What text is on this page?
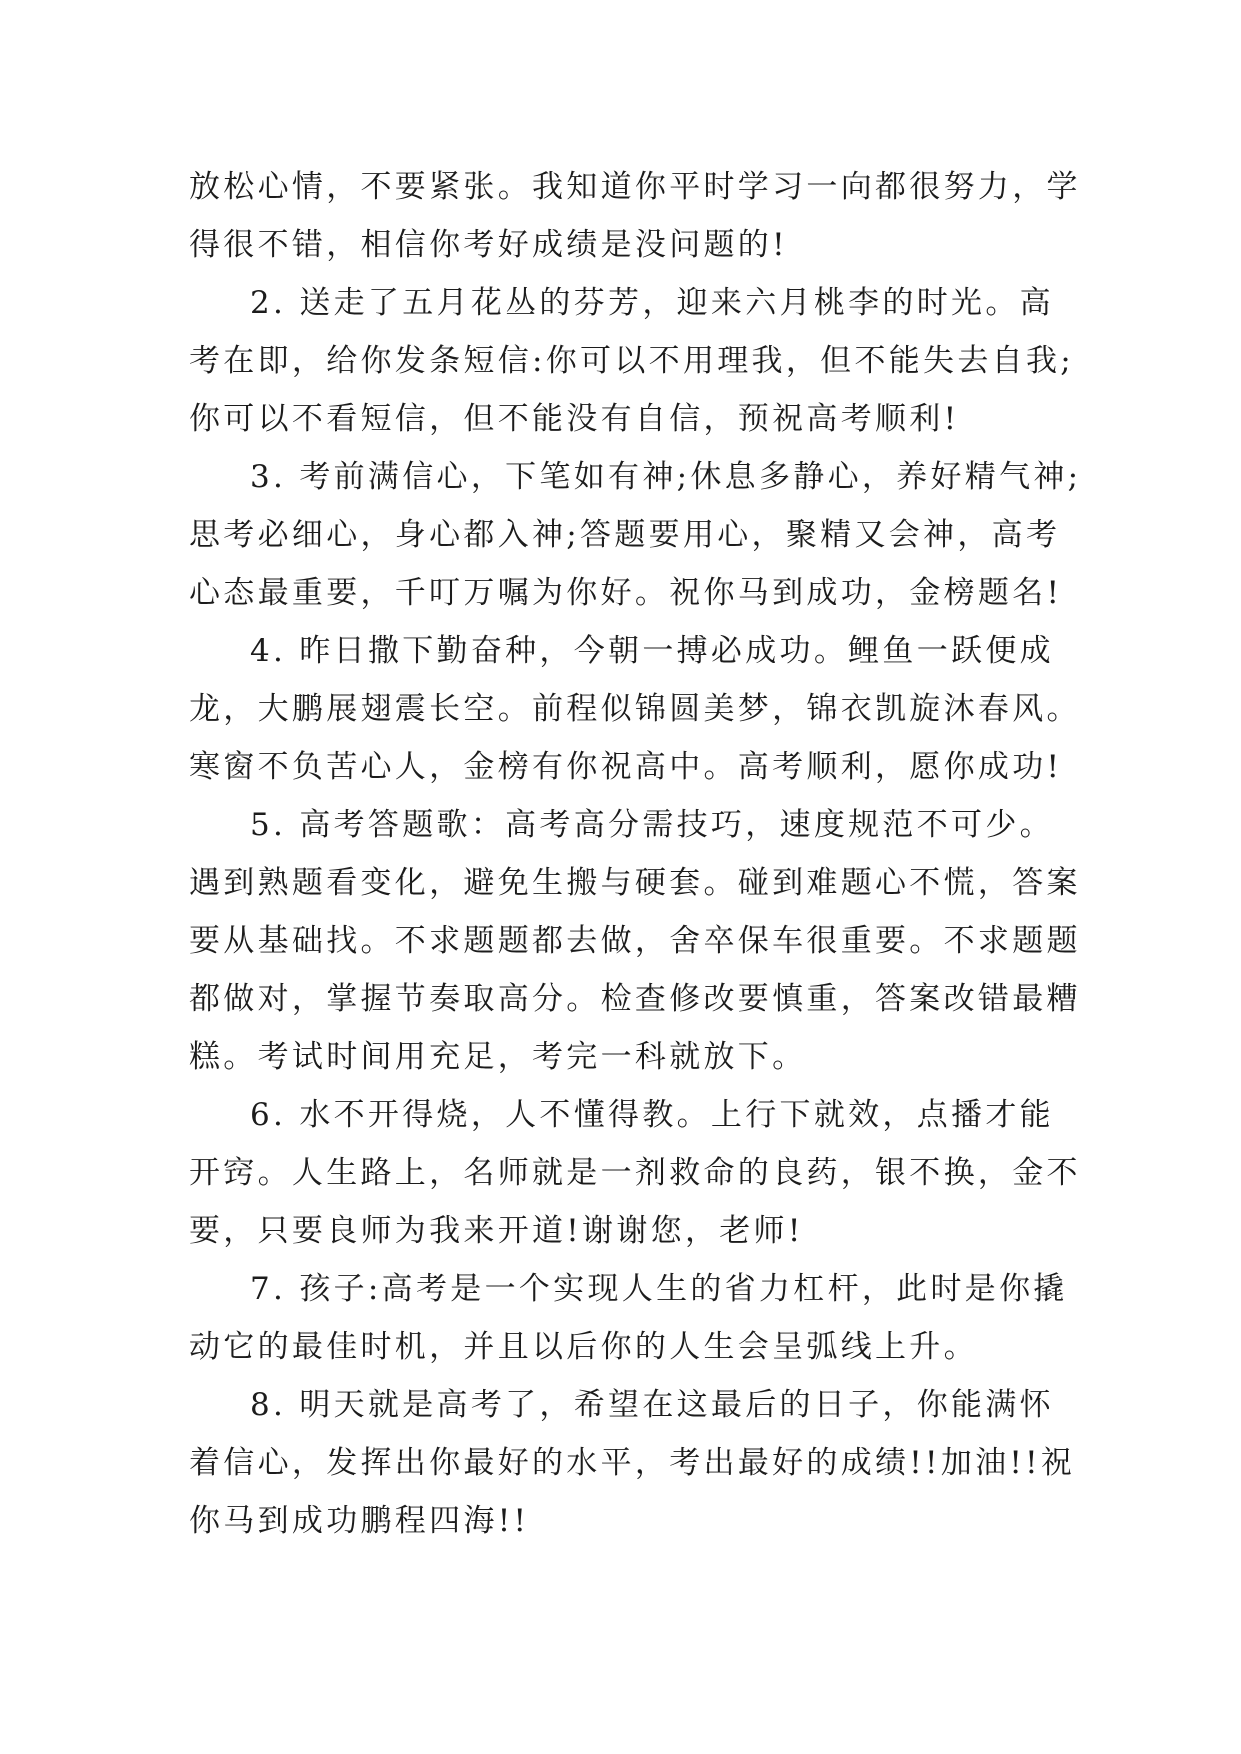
放松心情，不要紧张。我知道你平时学习一向都很努力，学
得很不错，相信你考好成绩是没问题的!
2. 送走了五月花丛的芬芳，迎来六月桃李的时光。高
考在即，给你发条短信:你可以不用理我，但不能失去自我;
你可以不看短信，但不能没有自信，预祝高考顺利!
3. 考前满信心，下笔如有神;休息多静心，养好精气神;
思考必细心，身心都入神;答题要用心，聚精又会神，高考
心态最重要，千叮万嘱为你好。祝你马到成功，金榜题名!
4. 昨日撒下勤奋种，今朝一搏必成功。鲤鱼一跃便成
龙，大鹏展翅震长空。前程似锦圆美梦，锦衣凯旋沐春风。
寒窗不负苦心人，金榜有你祝高中。高考顺利，愿你成功!
5. 高考答题歌：高考高分需技巧，速度规范不可少。
遇到熟题看变化，避免生搬与硬套。碰到难题心不慌，答案
要从基础找。不求题题都去做，舍卒保车很重要。不求题题
都做对，掌握节奏取高分。检查修改要慎重，答案改错最糟
糕。考试时间用充足，考完一科就放下。
6. 水不开得烧，人不懂得教。上行下就效，点播才能
开窍。人生路上，名师就是一剂救命的良药，银不换，金不
要，只要良师为我来开道!谢谢您，老师!
7. 孩子:高考是一个实现人生的省力杠杆，此时是你撬
动它的最佳时机，并且以后你的人生会呈弧线上升。
8. 明天就是高考了，希望在这最后的日子，你能满怀
着信心，发挥出你最好的水平，考出最好的成绩!!加油!!祝
你马到成功鹏程四海!!
